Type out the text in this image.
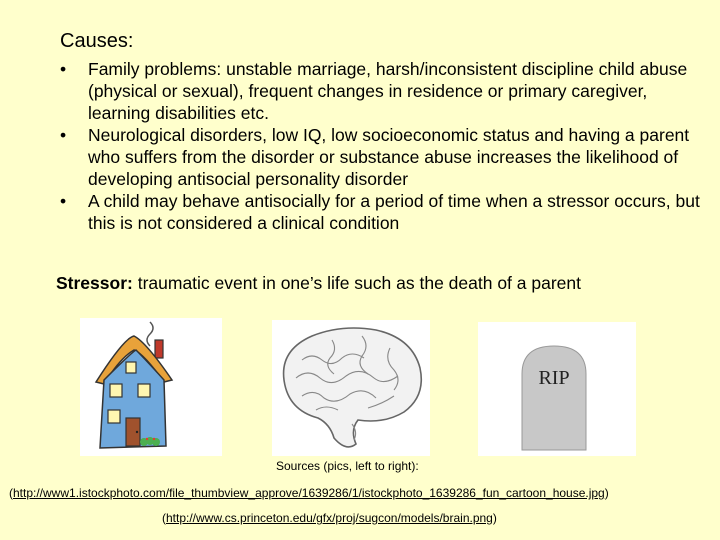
Causes:
• Family problems: unstable marriage, harsh/inconsistent discipline child abuse (physical or sexual), frequent changes in residence or primary caregiver, learning disabilities etc.
• Neurological disorders, low IQ, low socioeconomic status and having a parent who suffers from the disorder or substance abuse increases the likelihood of developing antisocial personality disorder
• A child may behave antisocially for a period of time when a stressor occurs, but this is not considered a clinical condition
Stressor: traumatic event in one’s life such as the death of a parent
RIP
Sources (pics, left to right):
(http://www1.istockphoto.com/file_thumbview_approve/1639286/1/istockphoto_1639286_fun_cartoon_house.jpg)
(http://www.cs.princeton.edu/gfx/proj/sugcon/models/brain.png)
